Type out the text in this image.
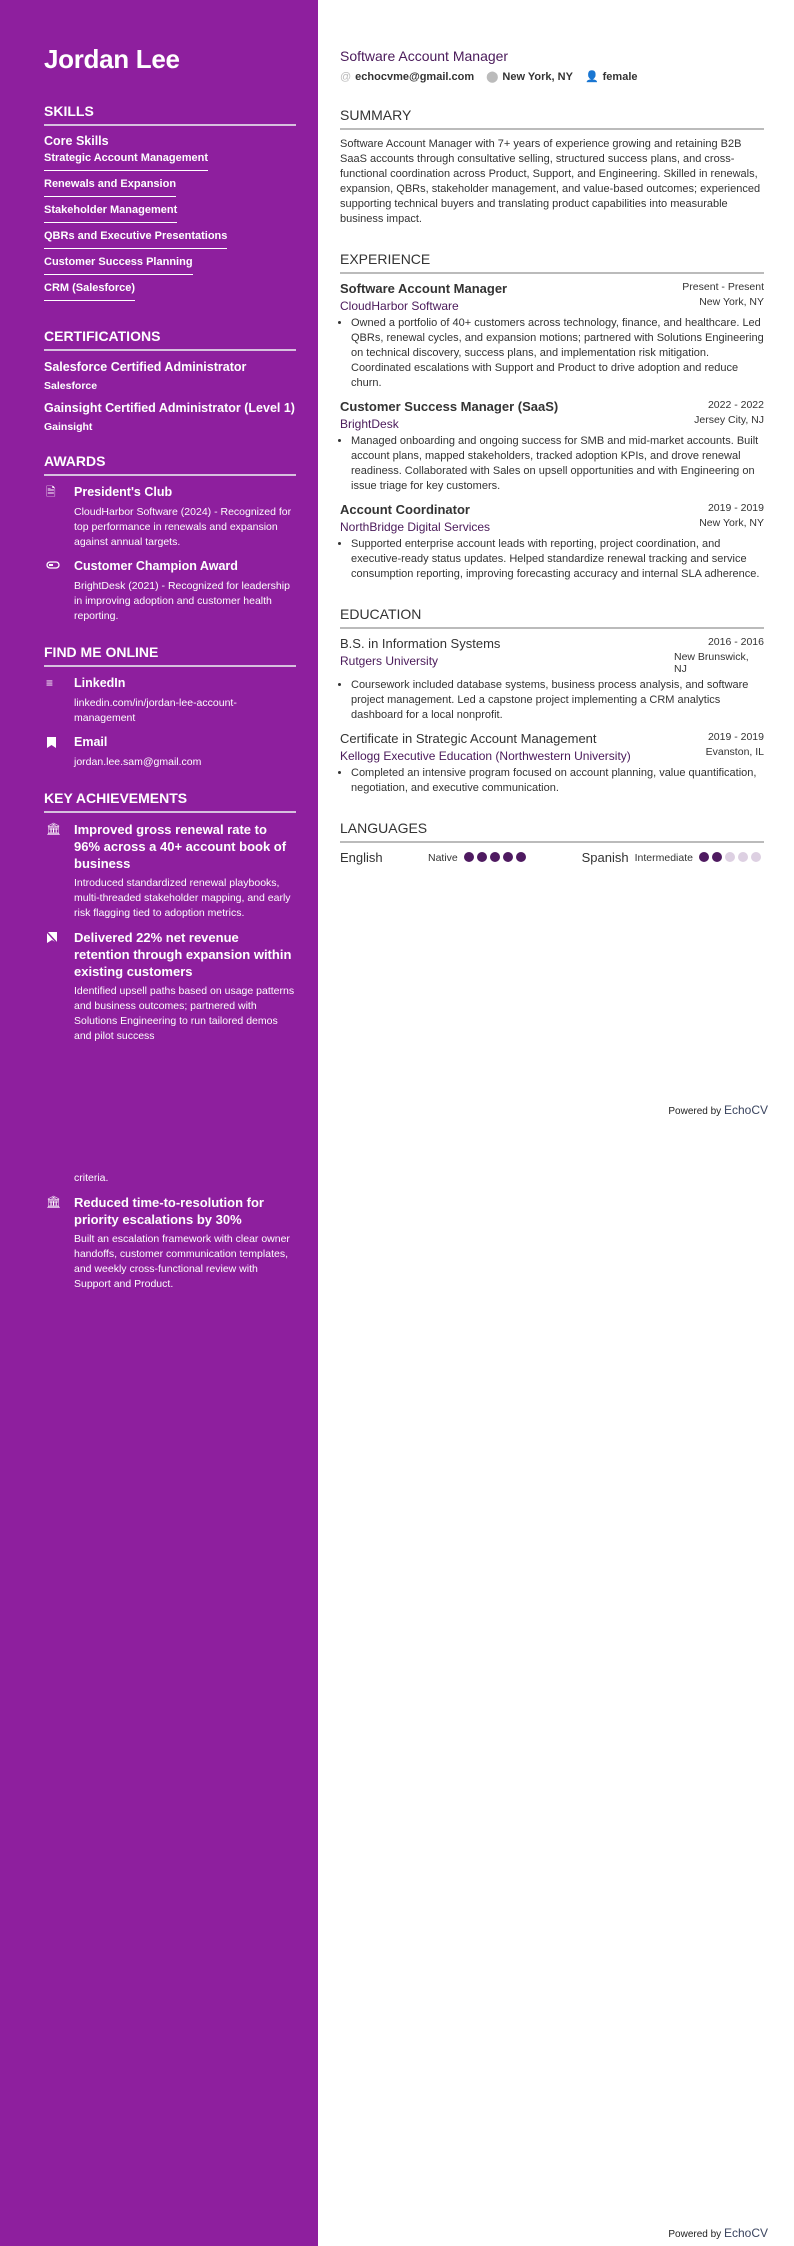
Jordan Lee
SKILLS
Core Skills
Strategic Account Management
Renewals and Expansion
Stakeholder Management
QBRs and Executive Presentations
Customer Success Planning
CRM (Salesforce)
CERTIFICATIONS
Salesforce Certified Administrator
Salesforce
Gainsight Certified Administrator (Level 1)
Gainsight
AWARDS
🗎	President's Club
CloudHarbor Software (2024) - Recognized for top performance in renewals and expansion against annual targets.
Customer Champion Award
BrightDesk (2021) - Recognized for leadership in improving adoption and customer health reporting.
FIND ME ONLINE
≡	LinkedIn
linkedin.com/in/jordan-lee-account-management
Email
jordan.lee.sam@gmail.com
KEY ACHIEVEMENTS
🏛 Improved gross renewal rate to 96% across a 40+ account book of business
Introduced standardized renewal playbooks, multi-threaded stakeholder mapping, and early risk flagging tied to adoption metrics.
Delivered 22% net revenue retention through expansion within existing customers
Identified upsell paths based on usage patterns and business outcomes; partnered with Solutions Engineering to run tailored demos and pilot success
Software Account Manager
@ echocvme@gmail.com ⬤ New York, NY 👤 female
SUMMARY

Software Account Manager with 7+ years of experience growing and retaining B2B SaaS accounts through consultative selling, structured success plans, and cross-functional coordination across Product, Support, and Engineering. Skilled in renewals, expansion, QBRs, stakeholder management, and value-based outcomes; experienced supporting technical buyers and translating product capabilities into measurable business impact.

EXPERIENCE
Software Account Manager	Present - Present
CloudHarbor Software	New York, NY
• Owned a portfolio of 40+ customers across technology, finance, and healthcare. Led QBRs, renewal cycles, and expansion motions; partnered with Solutions Engineering on technical discovery, success plans, and implementation risk mitigation. Coordinated escalations with Support and Product to drive adoption and reduce churn.
Customer Success Manager (SaaS)	2022 - 2022
BrightDesk	Jersey City, NJ
• Managed onboarding and ongoing success for SMB and mid-market accounts. Built account plans, mapped stakeholders, tracked adoption KPIs, and drove renewal readiness. Collaborated with Sales on upsell opportunities and with Engineering on issue triage for key customers.
Account Coordinator	2019 - 2019
NorthBridge Digital Services	New York, NY
• Supported enterprise account leads with reporting, project coordination, and executive-ready status updates. Helped standardize renewal tracking and service consumption reporting, improving forecasting accuracy and internal SLA adherence.
EDUCATION
B.S. in Information Systems	2016 - 2016
Rutgers University	New Brunswick, NJ
• Coursework included database systems, business process analysis, and software project management. Led a capstone project implementing a CRM analytics dashboard for a local nonprofit.
Certificate in Strategic Account Management	2019 - 2019
Kellogg Executive Education (Northwestern University)	Evanston, IL
• Completed an intensive program focused on account planning, value quantification, negotiation, and executive communication.
LANGUAGES
English	Native	Spanish Intermediate
Powered by EchoCV
criteria.
🏛 Reduced time-to-resolution for priority escalations by 30%
Built an escalation framework with clear owner handoffs, customer communication templates, and weekly cross-functional review with Support and Product.
Powered by EchoCV
